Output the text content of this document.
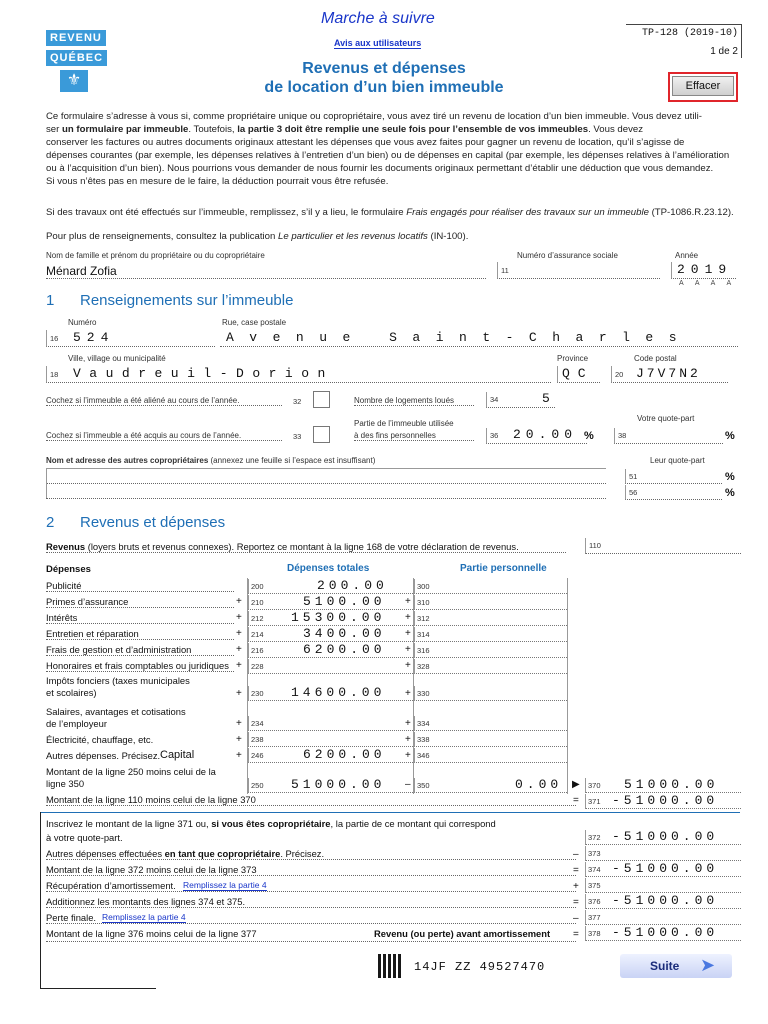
Marche à suivre
Avis aux utilisateurs
REVENU
QUÉBEC
⚜
Revenus et dépenses
de location d’un bien immeuble
TP-128 (2019-10)
1 de 2
Effacer
Ce formulaire s’adresse à vous si, comme propriétaire unique ou copropriétaire, vous avez tiré un revenu de location d’un bien immeuble. Vous devez utili-
ser un formulaire par immeuble. Toutefois, la partie 3 doit être remplie une seule fois pour l’ensemble de vos immeubles. Vous devez
conserver les factures ou autres documents originaux attestant les dépenses que vous avez faites pour gagner un revenu de location, qu’il s’agisse de
dépenses courantes (par exemple, les dépenses relatives à l’entretien d’un bien) ou de dépenses en capital (par exemple, les dépenses relatives à l’amélioration
ou à l’acquisition d’un bien). Nous pourrions vous demander de nous fournir les documents originaux permettant d’établir une déduction que vous demandez.
Si vous n’êtes pas en mesure de le faire, la déduction pourrait vous être refusée.
Si des travaux ont été effectués sur l’immeuble, remplissez, s’il y a lieu, le formulaire Frais engagés pour réaliser des travaux sur un immeuble (TP-1086.R.23.12).
Pour plus de renseignements, consultez la publication Le particulier et les revenus locatifs (IN-100).
Nom de famille et prénom du propriétaire ou du copropriétaire
Ménard Zofia
Numéro d’assurance sociale
11
Année
2019
A A A A
1 Renseignements sur l’immeuble
Numéro	Rue, case postale
16 524	Avenue Saint-Charles
Ville, village ou municipalité	Province	Code postal
18 Vaudreuil-Dorion	QC	20 J7V7N2
Cochez si l’immeuble a été aliéné au cours de l’année.	32	Nombre de logements loués	34	5
Votre quote-part
Partie de l’immeuble utilisée
à des fins personnelles
Cochez si l’immeuble a été acquis au cours de l’année.	33	36 20.00 %	38	%
Nom et adresse des autres copropriétaires (annexez une feuille si l’espace est insuffisant)	Leur quote-part
51	%
56	%
2 Revenus et dépenses
Revenus (loyers bruts et revenus connexes). Reportez ce montant à la ligne 168 de votre déclaration de revenus.	110
Dépenses	Dépenses totales	Partie personnelle
Publicité	200	200.00	300
Primes d’assurance	+ 210	5100.00 + 310
Intérêts	+ 212 15300.00 + 312
Entretien et réparation	+ 214	3400.00 + 314
Frais de gestion et d’administration	+ 216	6200.00 + 316
Honoraires et frais comptables ou juridiques + 228	+ 328
Impôts fonciers (taxes municipales
et scolaires)	+ 230 14600.00 + 330
Salaires, avantages et cotisations
de l’employeur	+ 234	+ 334
Électricité, chauffage, etc.	+ 238	+ 338
Autres dépenses. Précisez. Capital	+ 246	6200.00 + 346
Montant de la ligne 250 moins celui de la
ligne 350	250 51000.00 – 350	0.00 ▶ 370 51000.00
Montant de la ligne 110 moins celui de la ligne 370	= 371 -51000.00
Inscrivez le montant de la ligne 371 ou, si vous êtes copropriétaire, la partie de ce montant qui correspond
à votre quote-part.	372 -51000.00
Autres dépenses effectuées en tant que copropriétaire. Précisez.	– 373
Montant de la ligne 372 moins celui de la ligne 373	= 374 -51000.00
Récupération d’amortissement. Remplissez la partie 4	+ 375
Additionnez les montants des lignes 374 et 375.	= 376 -51000.00
Perte finale. Remplissez la partie 4	– 377
Montant de la ligne 376 moins celui de la ligne 377	Revenu (ou perte) avant amortissement = 378 -51000.00
14JF ZZ 49527470	Suite ➤
